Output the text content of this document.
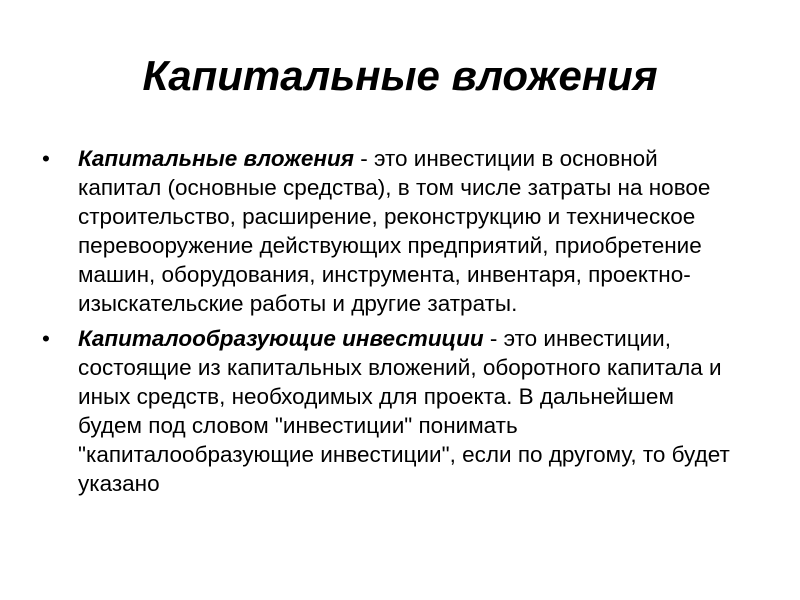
Капитальные вложения
•	Капитальные вложения - это инвестиции в основной капитал (основные средства), в том числе затраты на новое строительство, расширение, реконструкцию и техническое перевооружение действующих предприятий, приобретение машин, оборудования, инструмента, инвентаря, проектно-изыскательские работы и другие затраты.
•	Капиталообразующие инвестиции - это инвестиции, состоящие из капитальных вложений, оборотного капитала и иных средств, необходимых для проекта. В дальнейшем будем под словом "инвестиции" понимать "капиталообразующие инвестиции", если по другому, то будет указано
